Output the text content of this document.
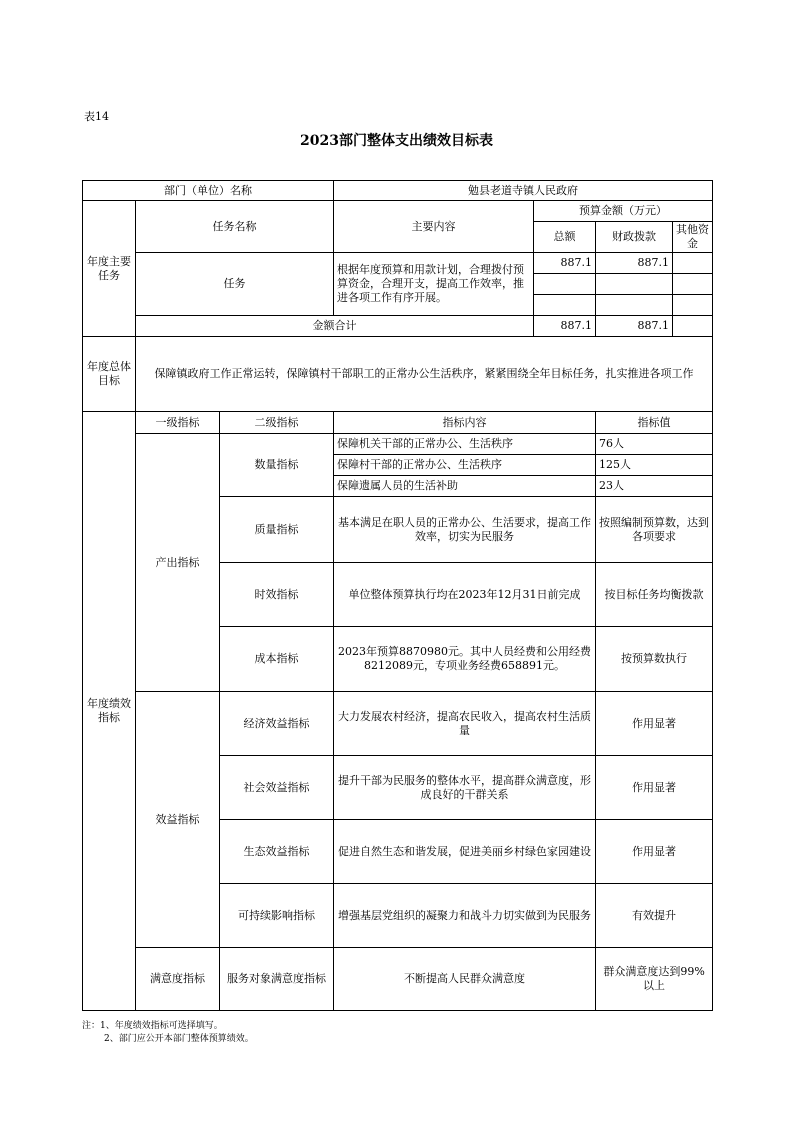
表14
2023部门整体支出绩效目标表
部门（单位）名称			勉县老道寺镇人民政府			
年度主要任务	任务名称		主要内容	预算金额（万元）		
				总额	财政拨款	其他资金
	任务		根据年度预算和用款计划，合理拨付预算资金，合理开支，提高工作效率，推进各项工作有序开展。	887.1	887.1	

	金额合计			887.1	887.1	
年度总体目标	保障镇政府工作正常运转，保障镇村干部职工的正常办公生活秩序，紧紧围绕全年目标任务，扎实推进各项工作					
年度绩效指标	一级指标	二级指标	指标内容		指标值	
	产出指标	数量指标	保障机关干部的正常办公、生活秩序		76人	
			保障村干部的正常办公、生活秩序		125人	
			保障遗属人员的生活补助		23人	
		质量指标	基本满足在职人员的正常办公、生活要求，提高工作效率，切实为民服务		按照编制预算数，达到各项要求	
		时效指标	单位整体预算执行均在2023年12月31日前完成		按目标任务均衡拨款	
		成本指标	2023年预算8870980元。其中人员经费和公用经费8212089元，专项业务经费658891元。		按预算数执行	
	效益指标	经济效益指标	大力发展农村经济，提高农民收入，提高农村生活质量		作用显著	
		社会效益指标	提升干部为民服务的整体水平，提高群众满意度，形成良好的干群关系		作用显著	
		生态效益指标	促进自然生态和谐发展，促进美丽乡村绿色家园建设		作用显著	
		可持续影响指标	增强基层党组织的凝聚力和战斗力切实做到为民服务		有效提升	
	满意度指标	服务对象满意度指标	不断提高人民群众满意度		群众满意度达到99%以上	
注：1、年度绩效指标可选择填写。
2、部门应公开本部门整体预算绩效。
